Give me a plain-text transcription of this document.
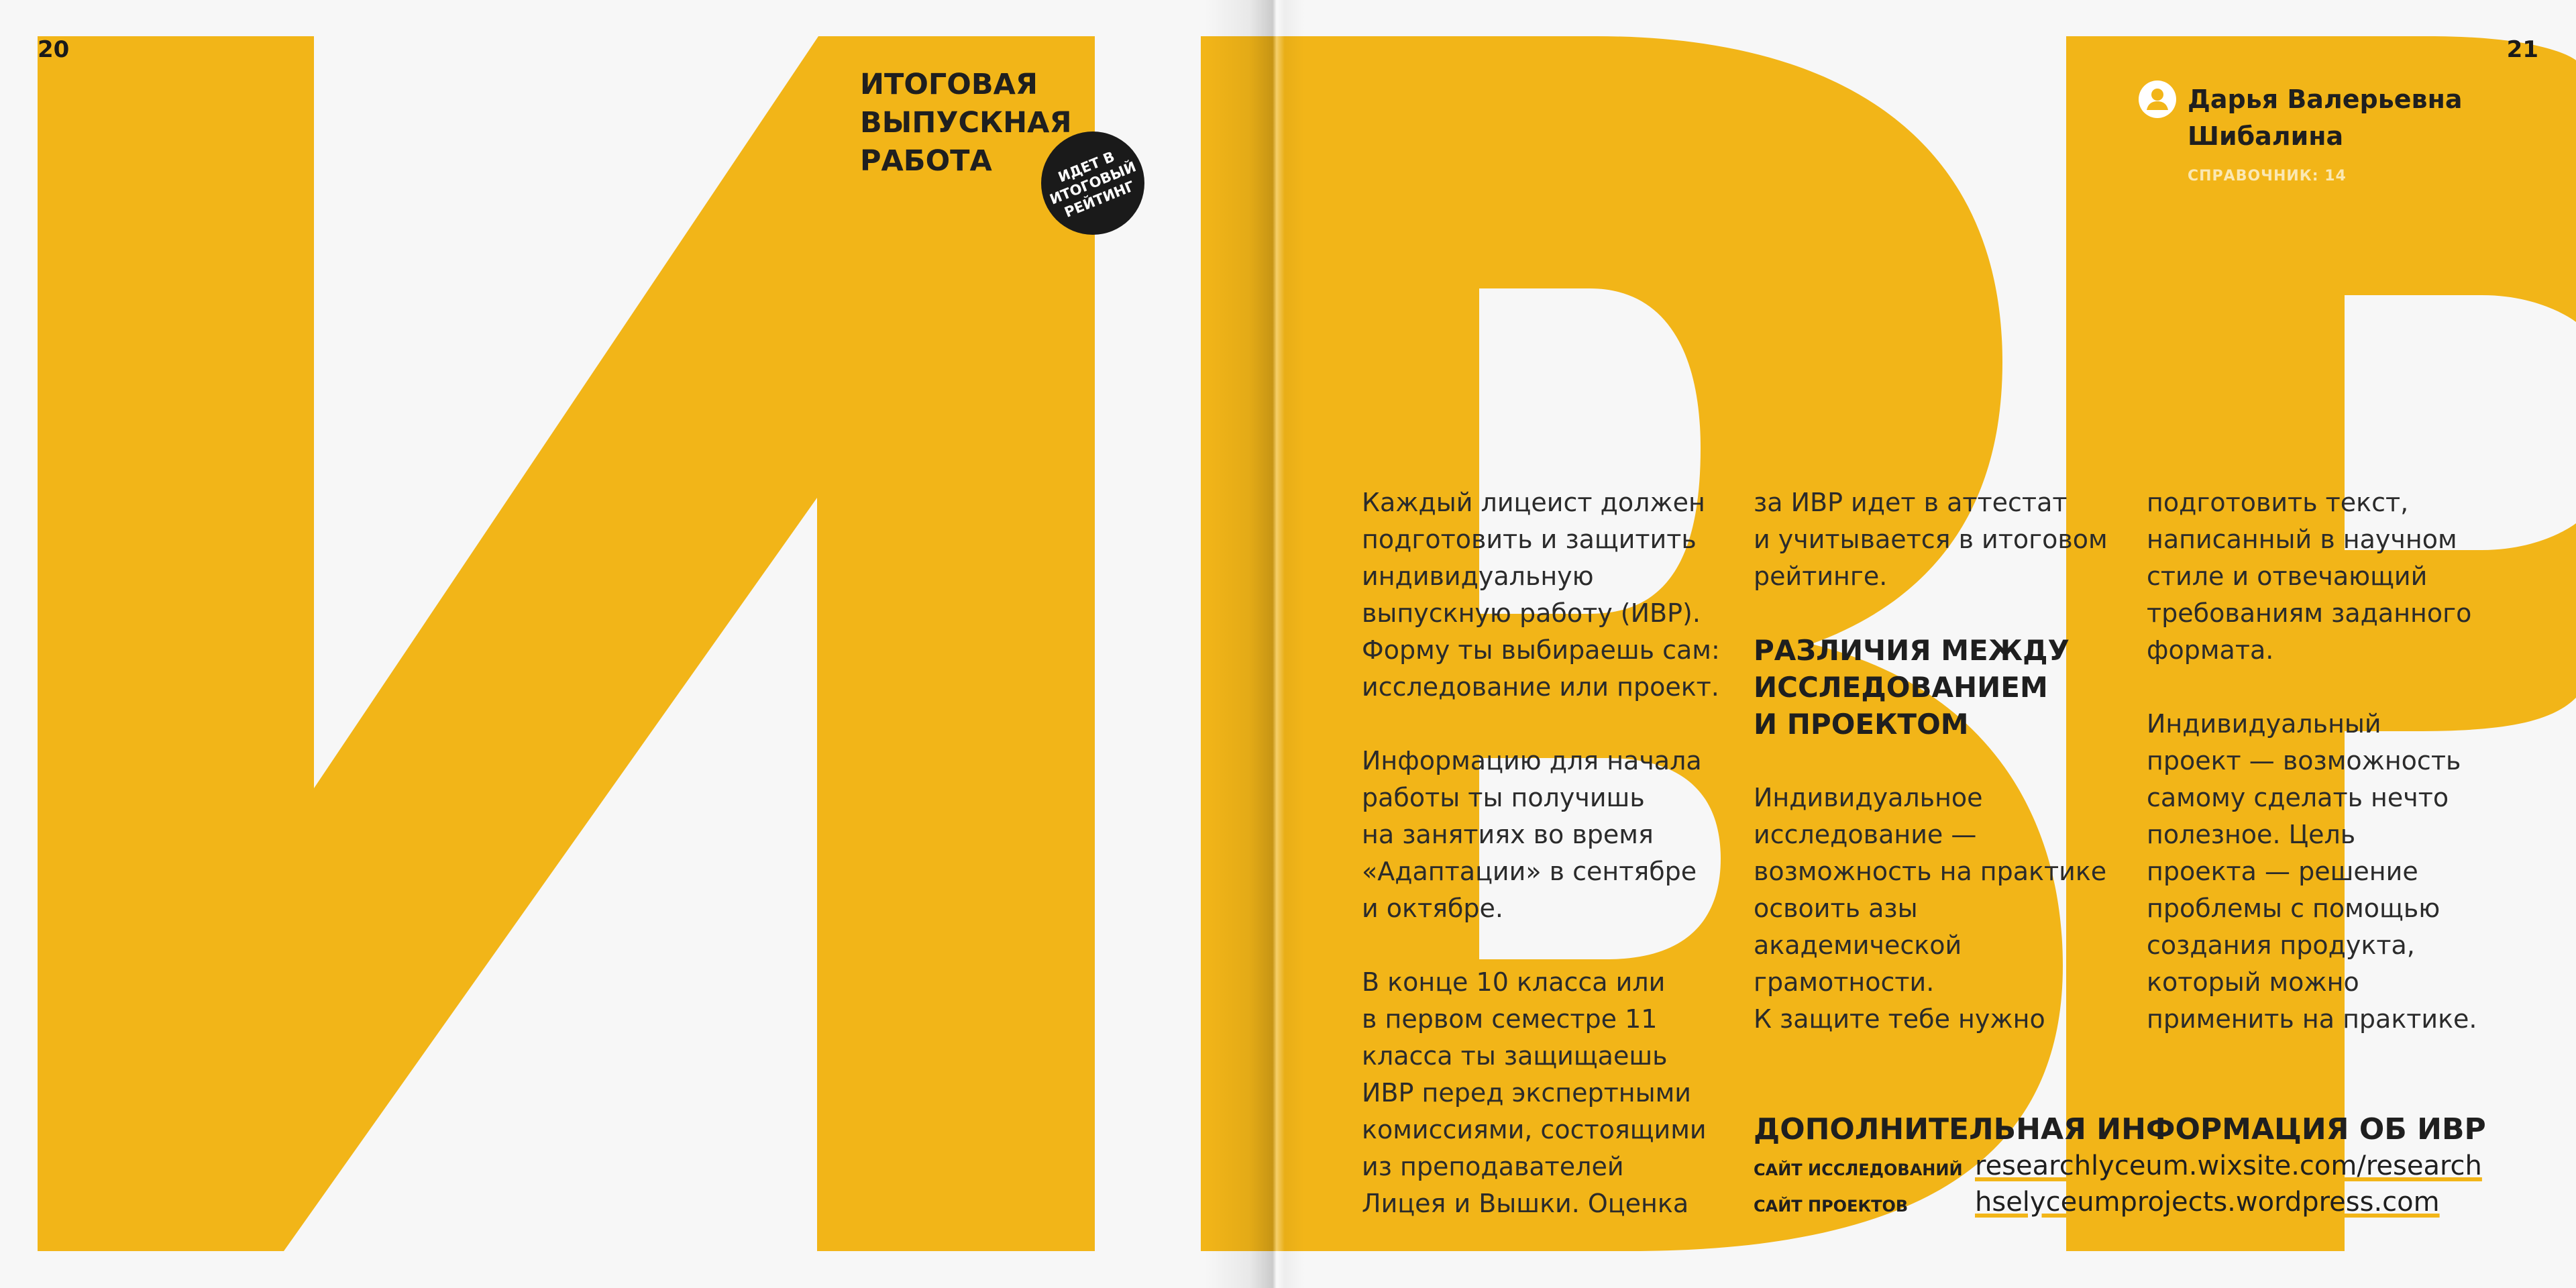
20	21
ИТОГОВАЯ
ВЫПУСКНАЯ
РАБОТА	ИДЕТ В
ИТОГОВЫЙ
РЕЙТИНГ
Дарья Валерьевна Шибалина
СПРАВОЧНИК: 14

Каждый лицеист должен
подготовить и защитить
индивидуальную
выпускную работу (ИВР).
Форму ты выбираешь сам:
исследование или проект.

Информацию для начала
работы ты получишь
на занятиях во время
«Адаптации» в сентябре
и октябре.

В конце 10 класса или
в первом семестре 11
класса ты защищаешь
ИВР перед экспертными
комиссиями, состоящими
из преподавателей
Лицея и Вышки. Оценка

за ИВР идет в аттестат
и учитывается в итоговом
рейтинге.

РАЗЛИЧИЯ МЕЖДУ
ИССЛЕДОВАНИЕМ
И ПРОЕКТОМ

Индивидуальное
исследование —
возможность на практике
освоить азы
академической
грамотности.
К защите тебе нужно

подготовить текст,
написанный в научном
стиле и отвечающий
требованиям заданного
формата.

Индивидуальный
проект — возможность
самому сделать нечто
полезное. Цель
проекта — решение
проблемы с помощью
создания продукта,
который можно
применить на практике.

ДОПОЛНИТЕЛЬНАЯ ИНФОРМАЦИЯ ОБ ИВР
САЙТ ИССЛЕДОВАНИЙ researchlyceum.wixsite.com/research
САЙТ ПРОЕКТОВ hselyceumprojects.wordpress.com
